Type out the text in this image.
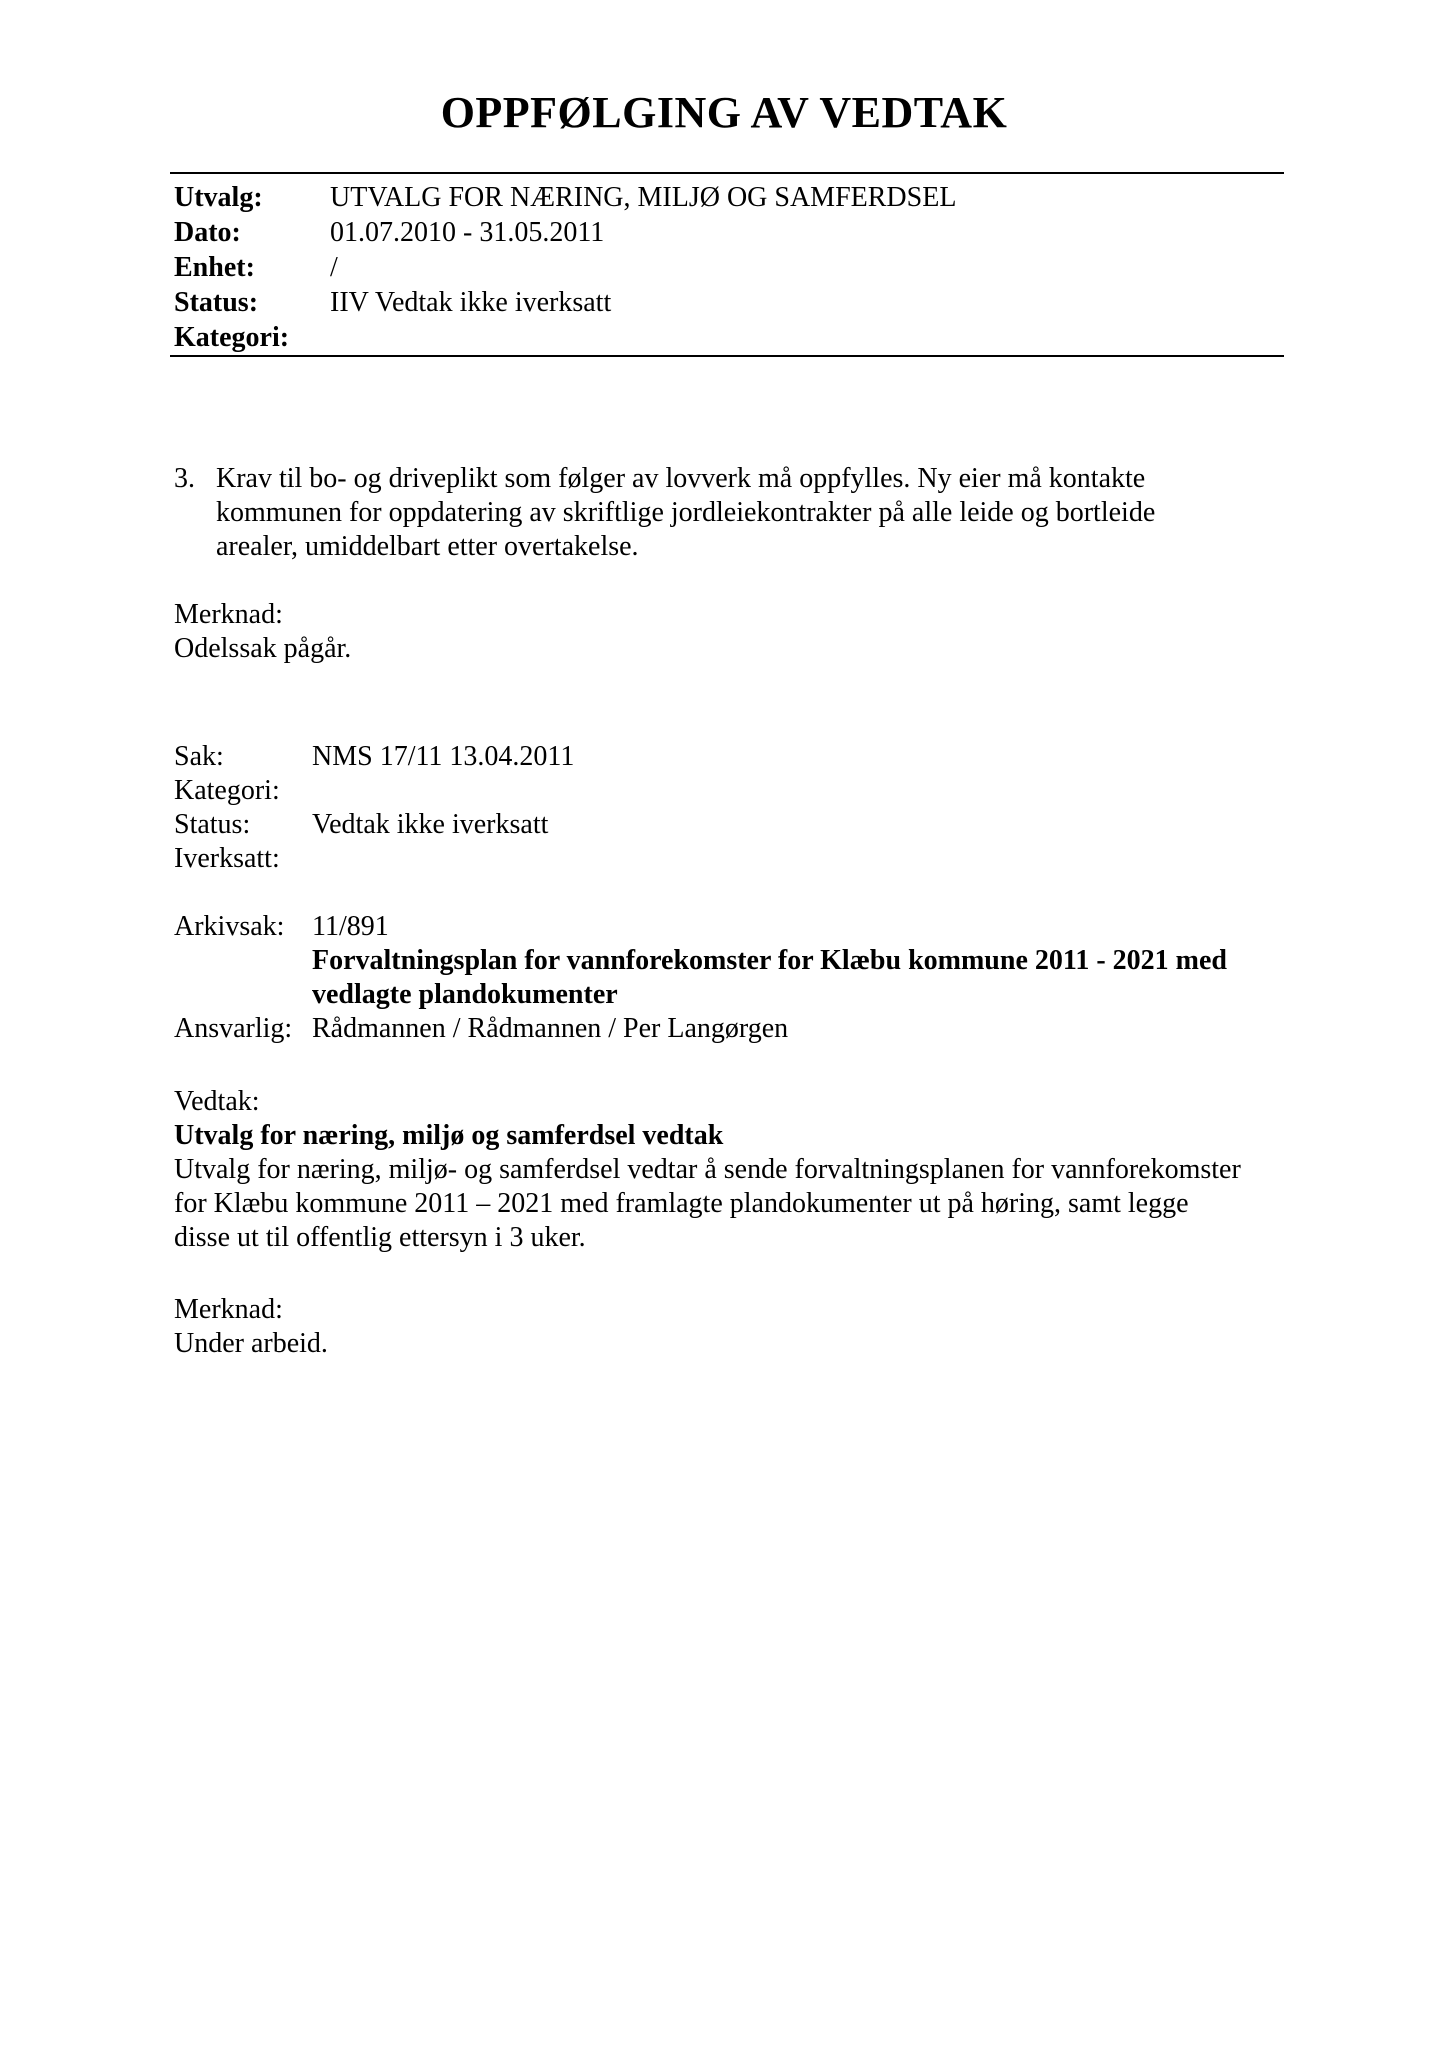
OPPFØLGING AV VEDTAK
Utvalg:	UTVALG FOR NÆRING, MILJØ OG SAMFERDSEL
Dato:	01.07.2010 - 31.05.2011
Enhet:	/
Status:	IIV Vedtak ikke iverksatt
Kategori:
3. Krav til bo- og driveplikt som følger av lovverk må oppfylles. Ny eier må kontakte
kommunen for oppdatering av skriftlige jordleiekontrakter på alle leide og bortleide
arealer, umiddelbart etter overtakelse.
Merknad:
Odelssak pågår.
Sak:	NMS 17/11 13.04.2011
Kategori:
Status:	Vedtak ikke iverksatt
Iverksatt:
Arkivsak: 11/891
Forvaltningsplan for vannforekomster for Klæbu kommune 2011 - 2021 med
vedlagte plandokumenter
Ansvarlig: Rådmannen / Rådmannen / Per Langørgen
Vedtak:
Utvalg for næring, miljø og samferdsel vedtak
Utvalg for næring, miljø- og samferdsel vedtar å sende forvaltningsplanen for vannforekomster
for Klæbu kommune 2011 – 2021 med framlagte plandokumenter ut på høring, samt legge
disse ut til offentlig ettersyn i 3 uker.
Merknad:
Under arbeid.
